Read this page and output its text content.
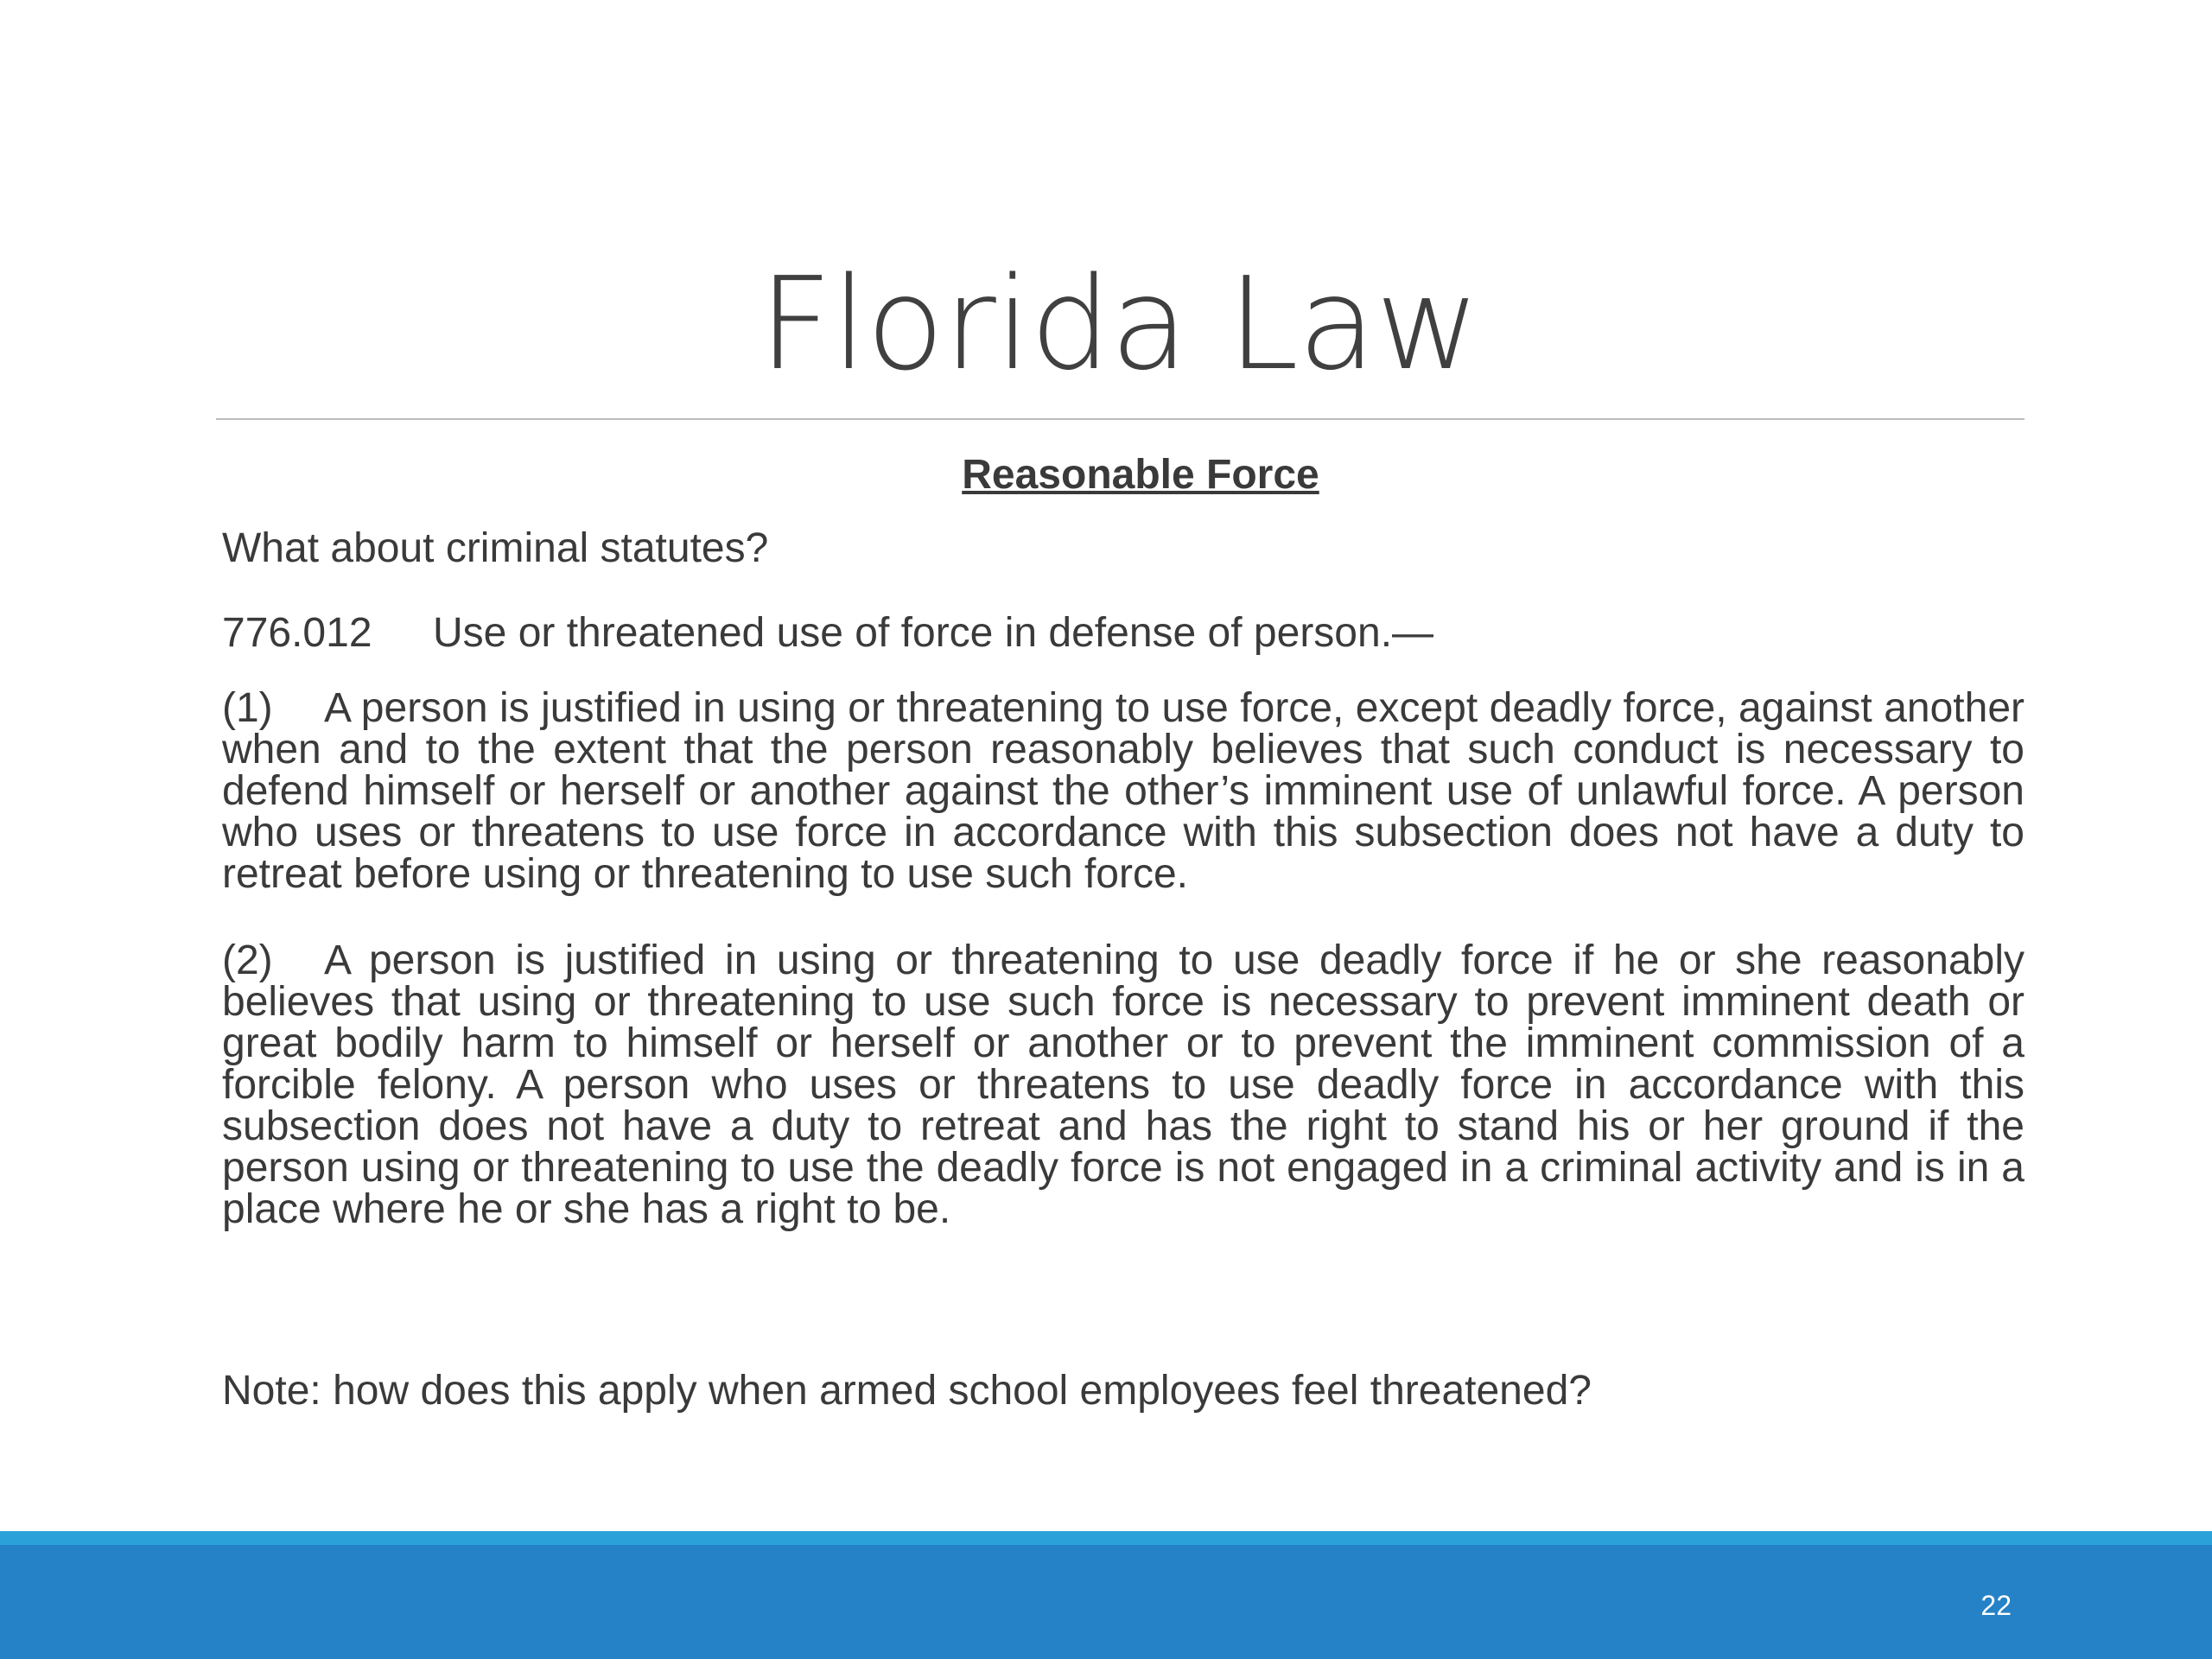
Florida Law

Reasonable Force

What about criminal statutes?

776.012 Use or threatened use of force in defense of person.—

(1) A person is justified in using or threatening to use force, except deadly force, against another when and to the extent that the person reasonably believes that such conduct is necessary to defend himself or herself or another against the other’s imminent use of unlawful force. A person who uses or threatens to use force in accordance with this subsection does not have a duty to retreat before using or threatening to use such force.

(2) A person is justified in using or threatening to use deadly force if he or she reasonably believes that using or threatening to use such force is necessary to prevent imminent death or great bodily harm to himself or herself or another or to prevent the imminent commission of a forcible felony. A person who uses or threatens to use deadly force in accordance with this subsection does not have a duty to retreat and has the right to stand his or her ground if the person using or threatening to use the deadly force is not engaged in a criminal activity and is in a place where he or she has a right to be.

Note: how does this apply when armed school employees feel threatened?
22
